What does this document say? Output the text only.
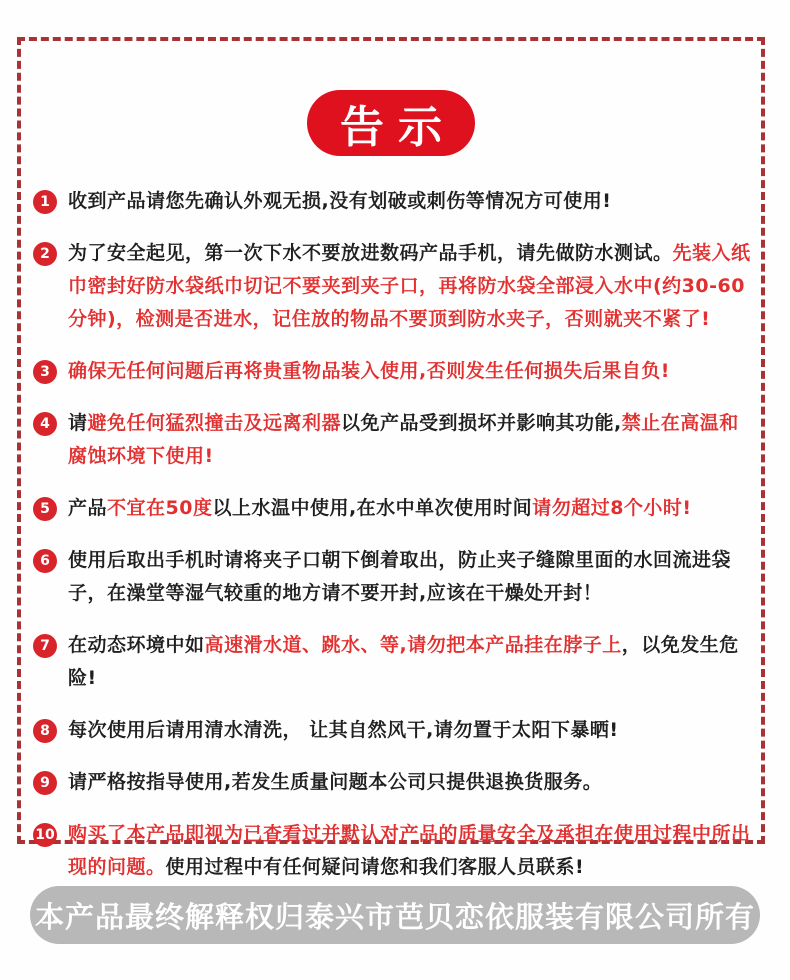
告示
1 收到产品请您先确认外观无损,没有划破或刺伤等情况方可使用!

2 为了安全起见，第一次下水不要放进数码产品手机，请先做防水测试。先装入纸巾密封好防水袋纸巾切记不要夹到夹子口，再将防水袋全部浸入水中(约30-60分钟)，检测是否进水，记住放的物品不要顶到防水夹子，否则就夹不紧了!

3 确保无任何问题后再将贵重物品装入使用,否则发生任何损失后果自负!

4 请避免任何猛烈撞击及远离利器以免产品受到损坏并影响其功能,禁止在高温和腐蚀环境下使用!

5 产品不宜在50度以上水温中使用,在水中单次使用时间请勿超过8个小时!

6 使用后取出手机时请将夹子口朝下倒着取出，防止夹子缝隙里面的水回流进袋子，在澡堂等湿气较重的地方请不要开封,应该在干燥处开封！

7 在动态环境中如高速滑水道、跳水、等,请勿把本产品挂在脖子上，以免发生危险!

8 每次使用后请用清水清洗， 让其自然风干,请勿置于太阳下暴晒!

9 请严格按指导使用,若发生质量问题本公司只提供退换货服务。

10 购买了本产品即视为已查看过并默认对产品的质量安全及承担在使用过程中所出现的问题。使用过程中有任何疑问请您和我们客服人员联系!

本产品最终解释权归泰兴市芭贝恋依服装有限公司所有
